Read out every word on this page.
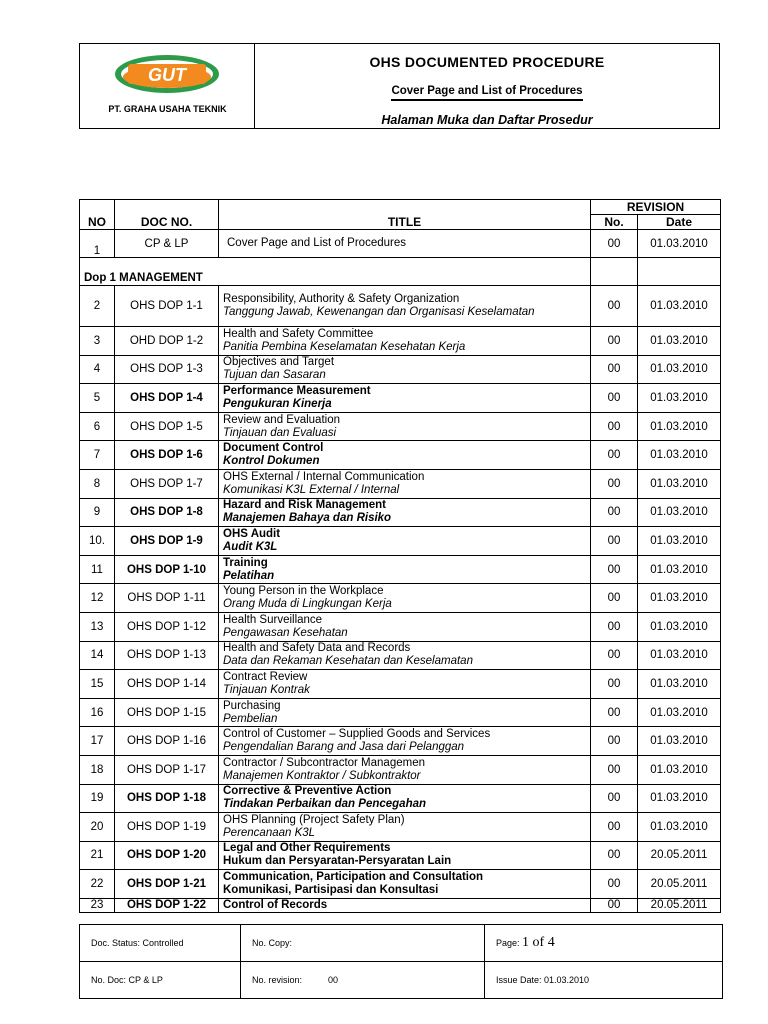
GUT
PT. GRAHA USAHA TEKNIK
OHS DOCUMENTED PROCEDURE
Cover Page and List of Procedures
Halaman Muka dan Daftar Prosedur
NO	DOC NO.	TITLE	REVISION	
			No.	Date
1	CP & LP	Cover Page and List of Procedures	00	01.03.2010
Dop 1 MANAGEMENT				
2	OHS DOP 1-1	Responsibility, Authority & Safety Organization
Tanggung Jawab, Kewenangan dan Organisasi Keselamatan	00	01.03.2010
3	OHD DOP 1-2	Health and Safety Committee
Panitia Pembina Keselamatan Kesehatan Kerja	00	01.03.2010
4	OHS DOP 1-3	Objectives and Target
Tujuan dan Sasaran	00	01.03.2010
5	OHS DOP 1-4	Performance Measurement
Pengukuran Kinerja	00	01.03.2010
6	OHS DOP 1-5	Review and Evaluation
Tinjauan dan Evaluasi	00	01.03.2010
7	OHS DOP 1-6	Document Control
Kontrol Dokumen	00	01.03.2010
8	OHS DOP 1-7	OHS External / Internal Communication
Komunikasi K3L External / Internal	00	01.03.2010
9	OHS DOP 1-8	Hazard and Risk Management
Manajemen Bahaya dan Risiko	00	01.03.2010
10.	OHS DOP 1-9	OHS Audit
Audit K3L	00	01.03.2010
11	OHS DOP 1-10	Training
Pelatihan	00	01.03.2010
12	OHS DOP 1-11	Young Person in the Workplace
Orang Muda di Lingkungan Kerja	00	01.03.2010
13	OHS DOP 1-12	Health Surveillance
Pengawasan Kesehatan	00	01.03.2010
14	OHS DOP 1-13	Health and Safety Data and Records
Data dan Rekaman Kesehatan dan Keselamatan	00	01.03.2010
15	OHS DOP 1-14	Contract Review
Tinjauan Kontrak	00	01.03.2010
16	OHS DOP 1-15	Purchasing
Pembelian	00	01.03.2010
17	OHS DOP 1-16	Control of Customer – Supplied Goods and Services
Pengendalian Barang and Jasa dari Pelanggan	00	01.03.2010
18	OHS DOP 1-17	Contractor / Subcontractor Managemen
Manajemen Kontraktor / Subkontraktor	00	01.03.2010
19	OHS DOP 1-18	Corrective & Preventive Action
Tindakan Perbaikan dan Pencegahan	00	01.03.2010
20	OHS DOP 1-19	OHS Planning (Project Safety Plan)
Perencanaan K3L	00	01.03.2010
21	OHS DOP 1-20	Legal and Other Requirements
Hukum dan Persyaratan-Persyaratan Lain	00	20.05.2011
22	OHS DOP 1-21	Communication, Participation and Consultation
Komunikasi, Partisipasi dan Konsultasi	00	20.05.2011
23	OHS DOP 1-22	Control of Records	00	20.05.2011
Doc. Status: Controlled	No. Copy:	Page: 1 of 4
No. Doc: CP & LP	No. revision: 00	Issue Date: 01.03.2010
